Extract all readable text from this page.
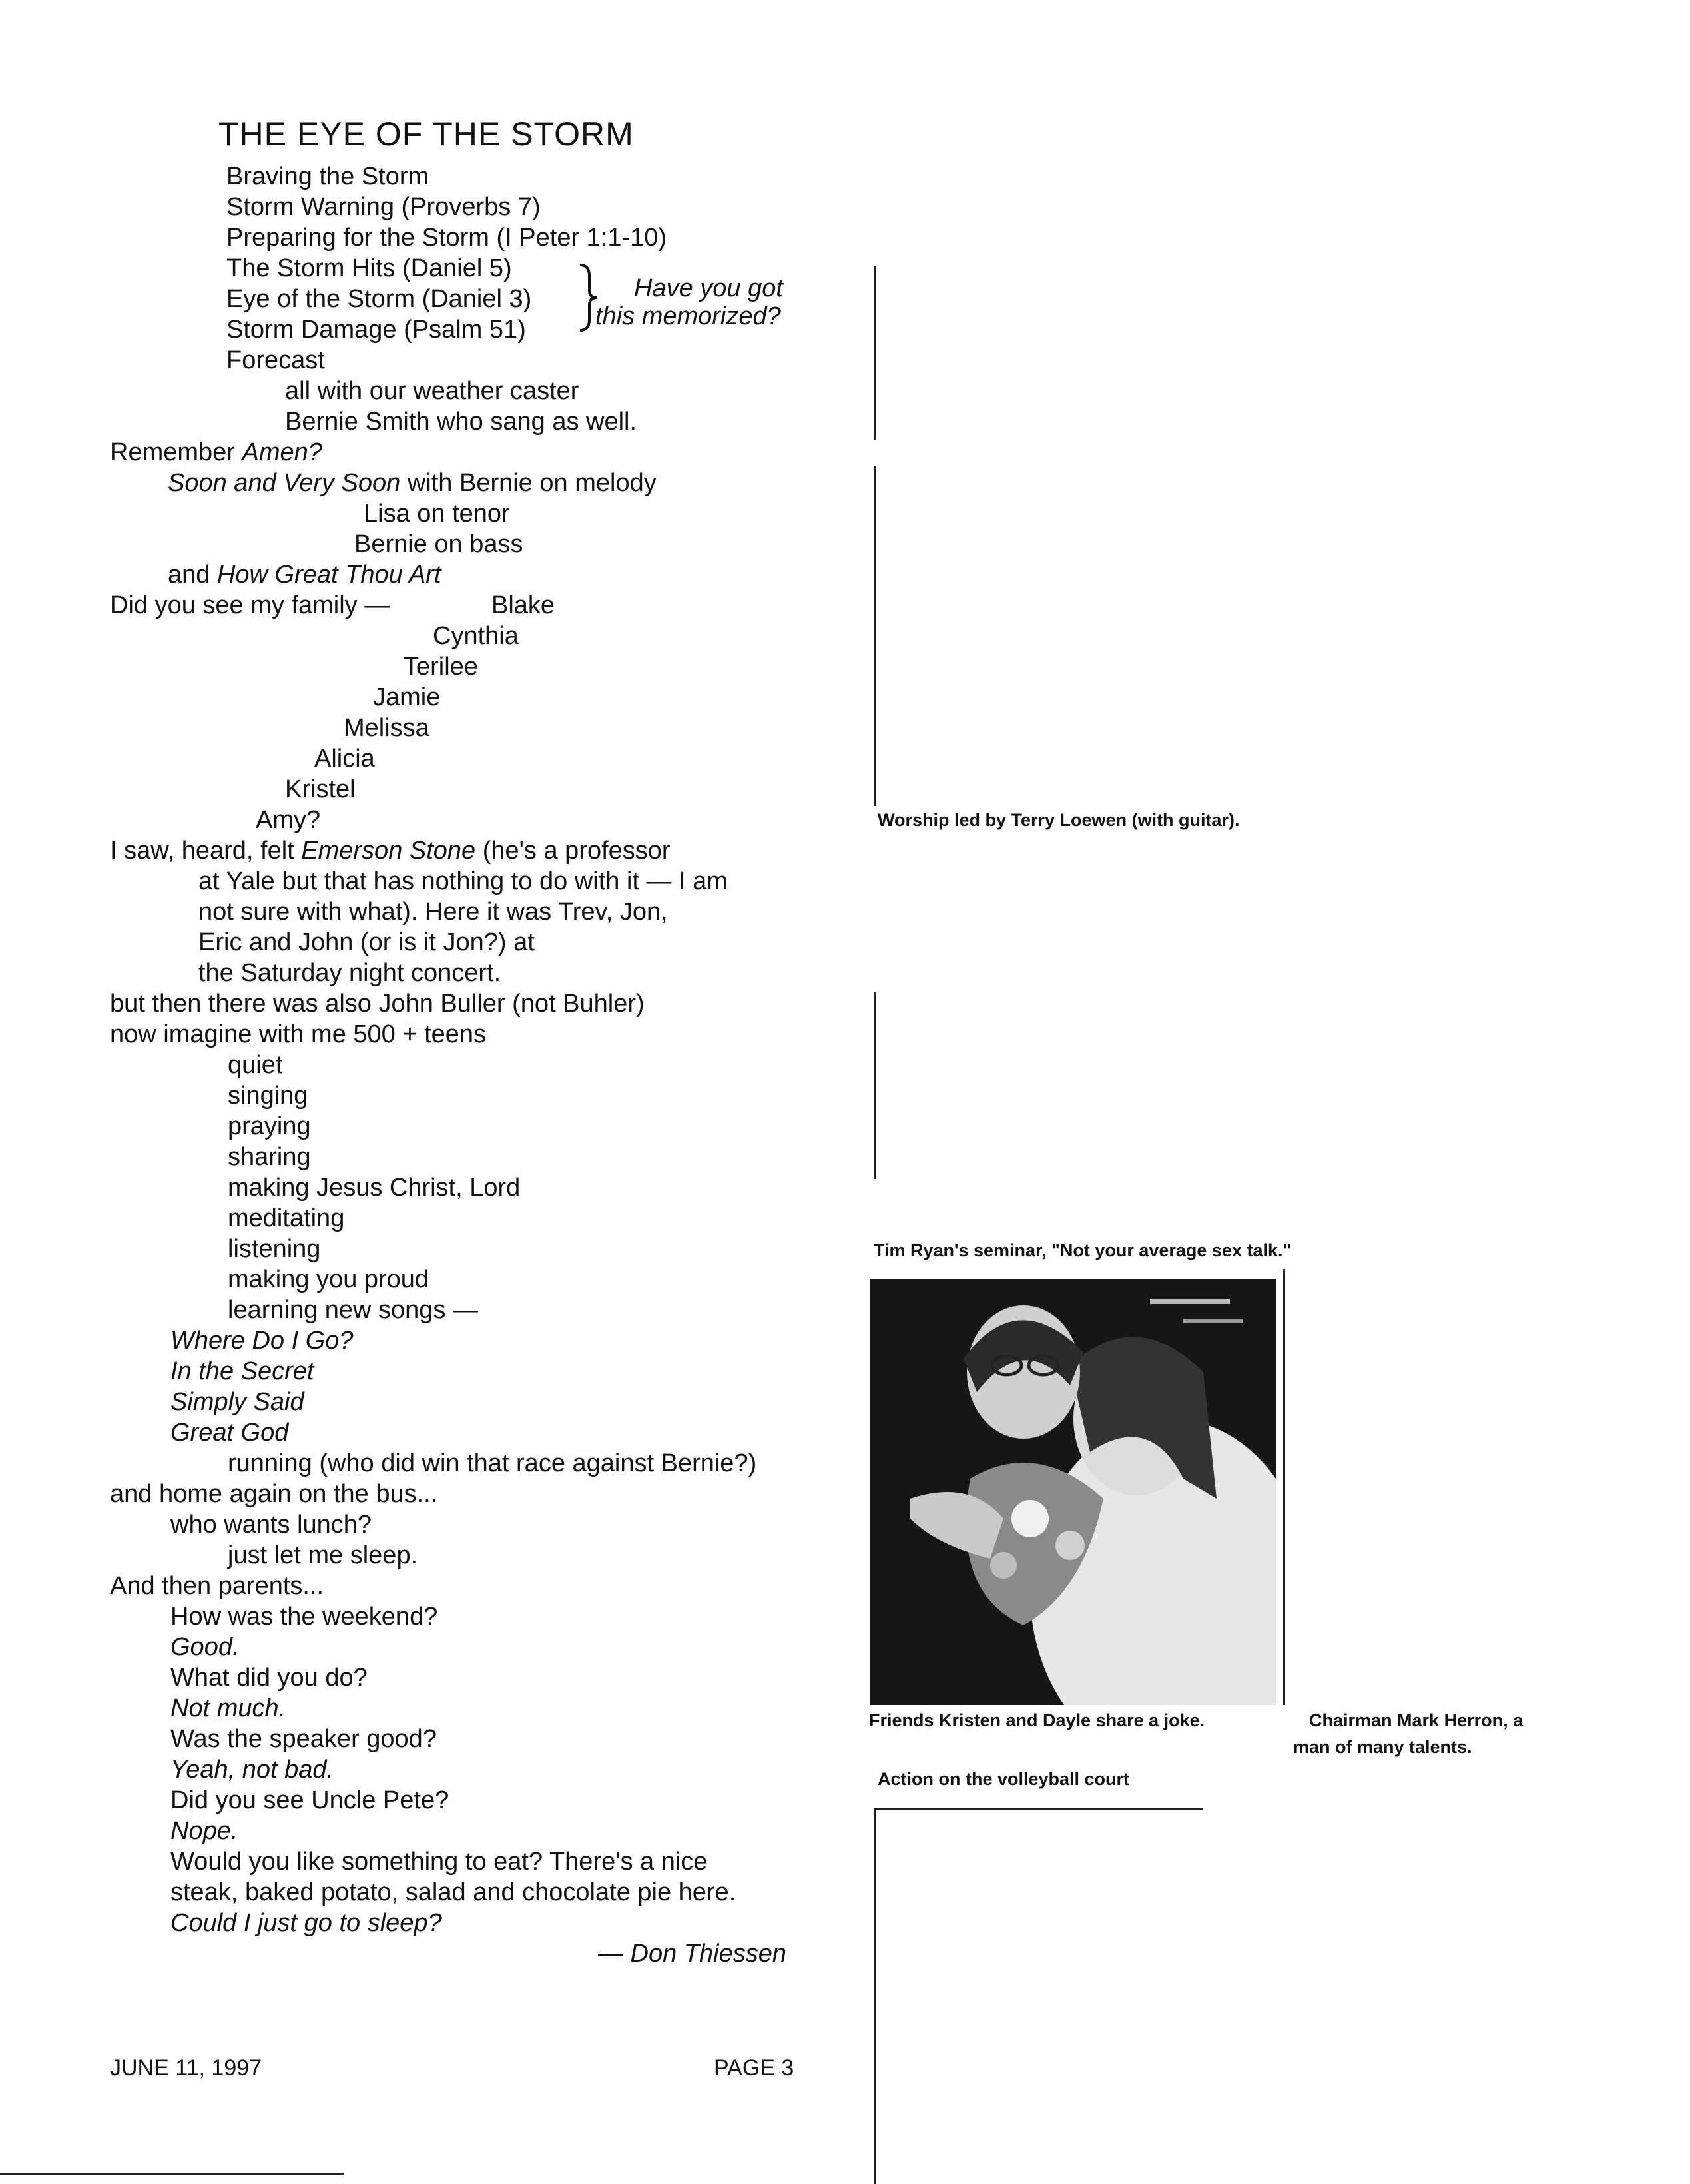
THE EYE OF THE STORM
Braving the Storm
Storm Warning (Proverbs 7)
Preparing for the Storm (I Peter 1:1-10)
The Storm Hits (Daniel 5)
Eye of the Storm (Daniel 3)
Storm Damage (Psalm 51)
Forecast
Have you got
this memorized?
all with our weather caster
Bernie Smith who sang as well.
Remember Amen?
Soon and Very Soon with Bernie on melody
Lisa on tenor
Bernie on bass
and How Great Thou Art
Did you see my family —	Blake
Cynthia
Terilee
Jamie
Melissa
Alicia
Kristel
Amy?
I saw, heard, felt Emerson Stone (he's a professor
at Yale but that has nothing to do with it — I am
not sure with what). Here it was Trev, Jon,
Eric and John (or is it Jon?) at
the Saturday night concert.
but then there was also John Buller (not Buhler)
now imagine with me 500 + teens
quiet
singing
praying
sharing
making Jesus Christ, Lord
meditating
listening
making you proud
learning new songs —
Where Do I Go?
In the Secret
Simply Said
Great God
running (who did win that race against Bernie?)
and home again on the bus...
who wants lunch?
just let me sleep.
And then parents...
How was the weekend?
Good.
What did you do?
Not much.
Was the speaker good?
Yeah, not bad.
Did you see Uncle Pete?
Nope.
Would you like something to eat? There's a nice
steak, baked potato, salad and chocolate pie here.
Could I just go to sleep?
— Don Thiessen
JUNE 11, 1997	PAGE 3
Worship led by Terry Loewen (with guitar).
Tim Ryan's seminar, "Not your average sex talk."
Friends Kristen and Dayle share a joke.	Chairman Mark Herron, a
man of many talents.
Action on the volleyball court
